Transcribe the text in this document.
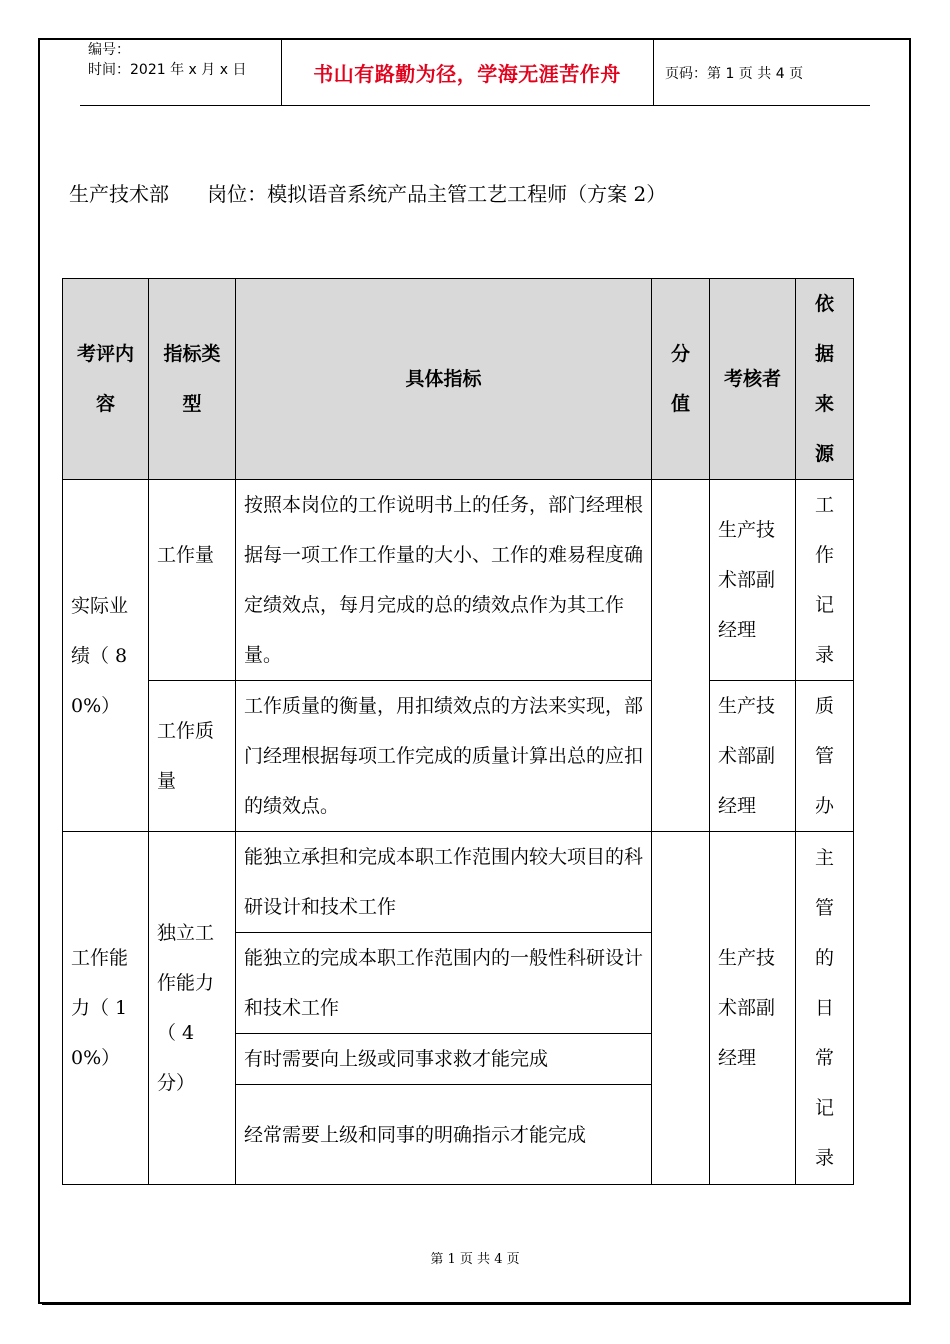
编号：
时间：2021 年 x 月 x 日	书山有路勤为径，学海无涯苦作舟	页码：第 1 页 共 4 页
生产技术部      岗位：模拟语音系统产品主管工艺工程师（方案 2）
考评内容	指标类型	具体指标	分值	考核者	依据来源

实际业绩（ 80%）	工作量	按照本岗位的工作说明书上的任务，部门经理根据每一项工作工作量的大小、工作的难易程度确定绩效点，每月完成的总的绩效点作为其工作量。		生产技术部副经理	工作记录

	工作质量	工作质量的衡量，用扣绩效点的方法来实现，部门经理根据每项工作完成的质量计算出总的应扣的绩效点。		生产技术部副经理	质管办

工作能力（ 10%）	独立工作能力（ 4 分）	能独立承担和完成本职工作范围内较大项目的科研设计和技术工作		生产技术部副经理	主管的日常记录

		能独立的完成本职工作范围内的一般性科研设计和技术工作			
		有时需要向上级或同事求救才能完成			
		经常需要上级和同事的明确指示才能完成			
第 1 页 共 4 页
